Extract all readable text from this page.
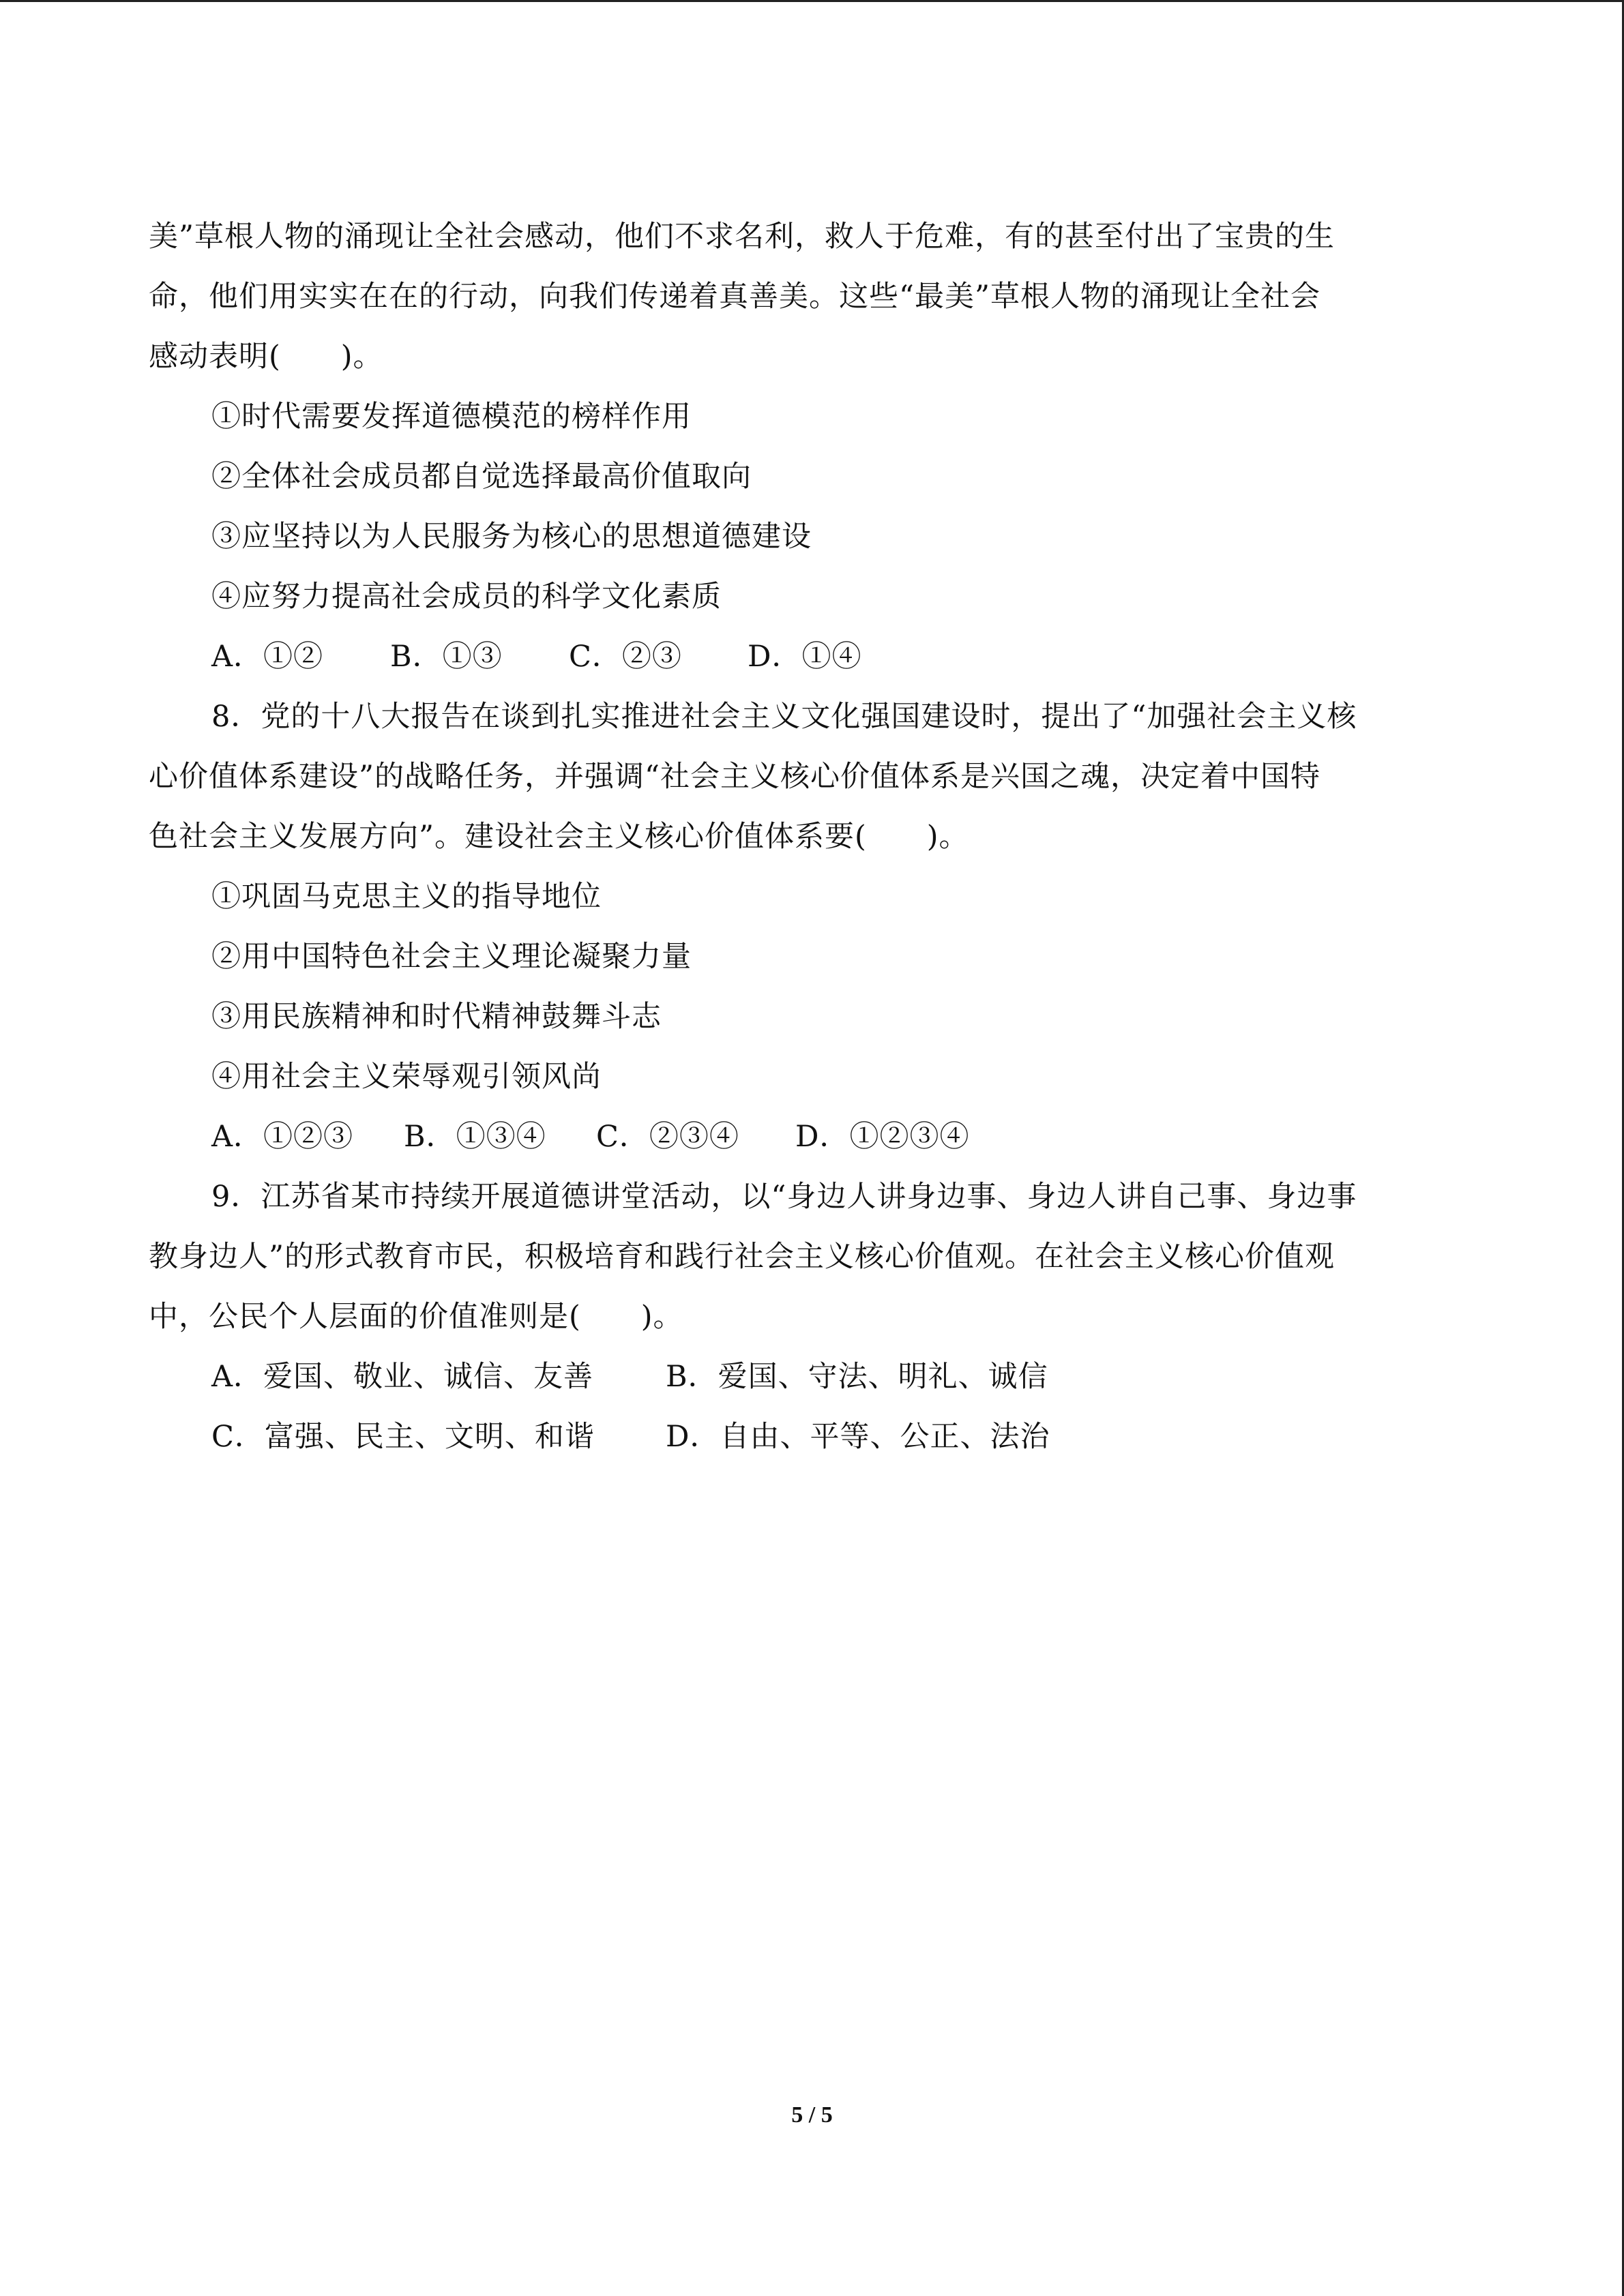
美”草根人物的涌现让全社会感动，他们不求名利，救人于危难，有的甚至付出了宝贵的生
命，他们用实实在在的行动，向我们传递着真善美。这些“最美”草根人物的涌现让全社会
感动表明(　　)。
①时代需要发挥道德模范的榜样作用
②全体社会成员都自觉选择最高价值取向
③应坚持以为人民服务为核心的思想道德建设
④应努力提高社会成员的科学文化素质
A．①②	B．①③	C．②③	D．①④
8．党的十八大报告在谈到扎实推进社会主义文化强国建设时，提出了“加强社会主义核
心价值体系建设”的战略任务，并强调“社会主义核心价值体系是兴国之魂，决定着中国特
色社会主义发展方向”。建设社会主义核心价值体系要(　　)。
①巩固马克思主义的指导地位
②用中国特色社会主义理论凝聚力量
③用民族精神和时代精神鼓舞斗志
④用社会主义荣辱观引领风尚
A．①②③	B．①③④	C．②③④	D．①②③④
9．江苏省某市持续开展道德讲堂活动，以“身边人讲身边事、身边人讲自己事、身边事
教身边人”的形式教育市民，积极培育和践行社会主义核心价值观。在社会主义核心价值观
中，公民个人层面的价值准则是(　　)。
A．爱国、敬业、诚信、友善	B．爱国、守法、明礼、诚信
C．富强、民主、文明、和谐	D．自由、平等、公正、法治
5 / 5
